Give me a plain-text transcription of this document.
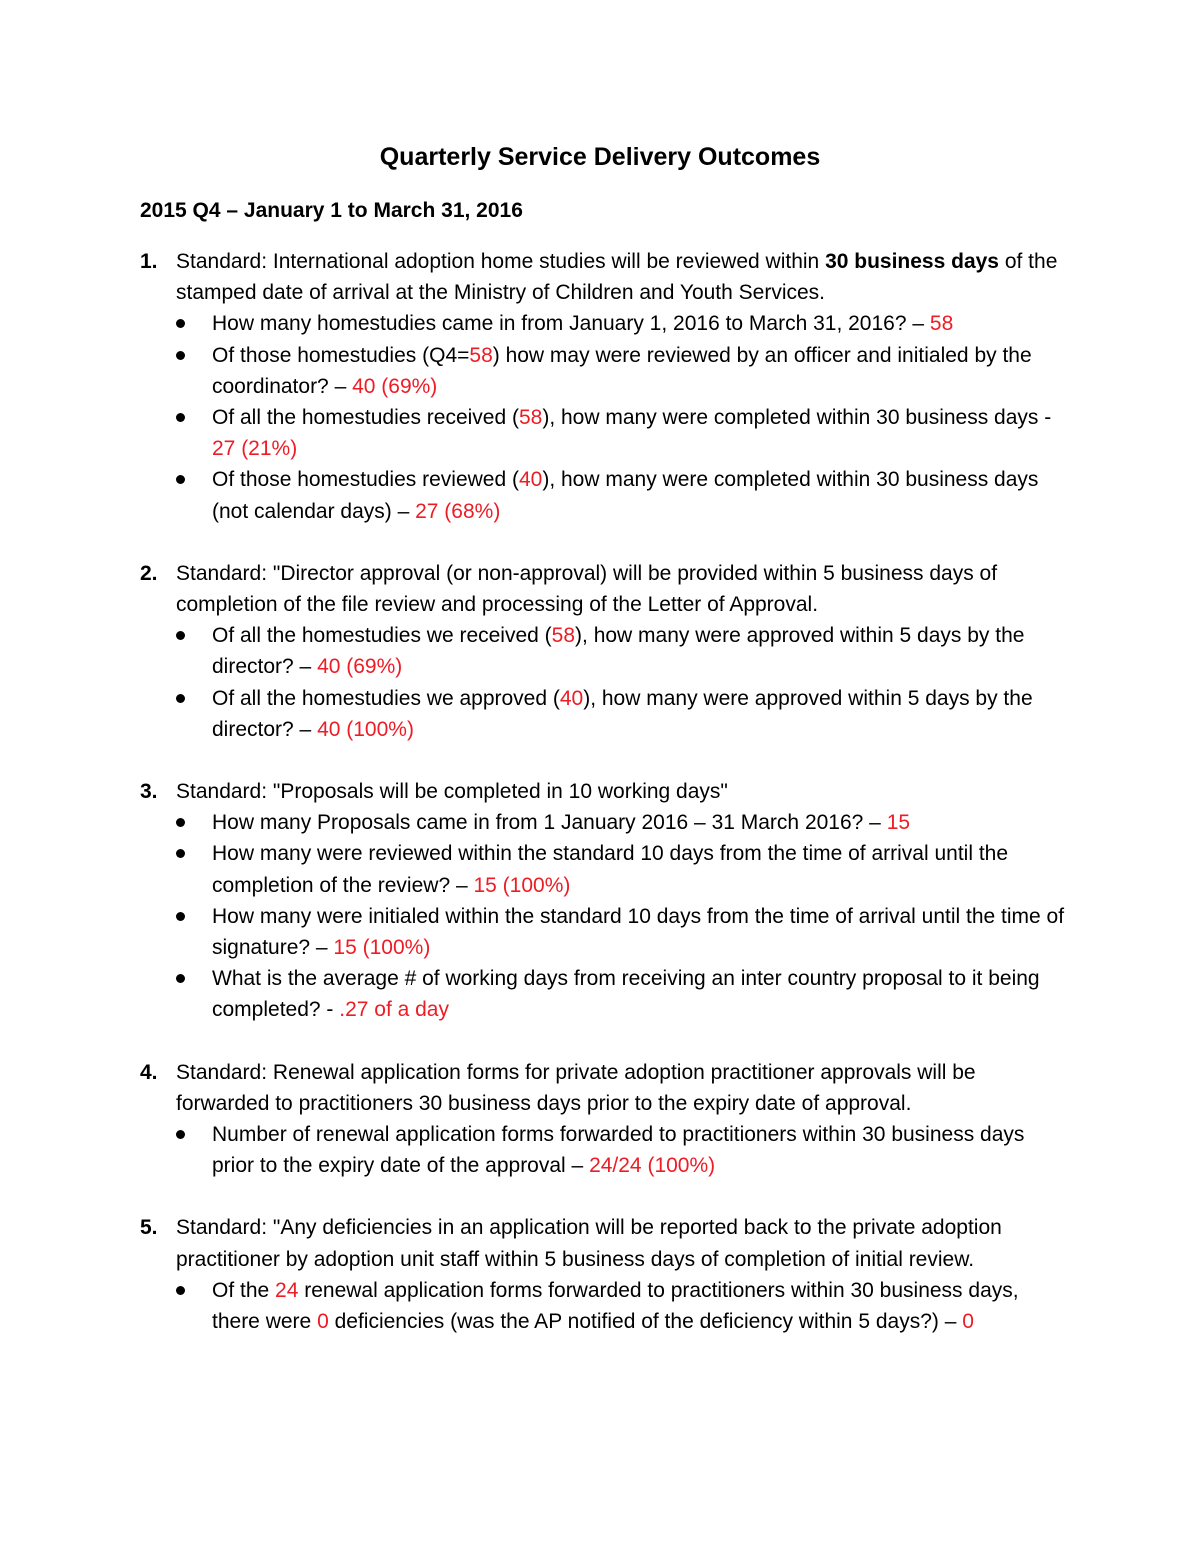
Quarterly Service Delivery Outcomes
2015 Q4 – January 1 to March 31, 2016
1. Standard: International adoption home studies will be reviewed within 30 business days of the stamped date of arrival at the Ministry of Children and Youth Services.

How many homestudies came in from January 1, 2016 to March 31, 2016? – 58
Of those homestudies (Q4=58) how may were reviewed by an officer and initialed by the coordinator? – 40 (69%)
Of all the homestudies received (58), how many were completed within 30 business days - 27 (21%)
Of those homestudies reviewed (40), how many were completed within 30 business days (not calendar days) – 27 (68%)
2. Standard: "Director approval (or non-approval) will be provided within 5 business days of completion of the file review and processing of the Letter of Approval.

Of all the homestudies we received (58), how many were approved within 5 days by the director? – 40 (69%)
Of all the homestudies we approved (40), how many were approved within 5 days by the director? – 40 (100%)
3. Standard: "Proposals will be completed in 10 working days"

How many Proposals came in from 1 January 2016 – 31 March 2016? – 15
How many were reviewed within the standard 10 days from the time of arrival until the completion of the review? – 15 (100%)
How many were initialed within the standard 10 days from the time of arrival until the time of signature? – 15 (100%)
What is the average # of working days from receiving an inter country proposal to it being completed? - .27 of a day
4. Standard: Renewal application forms for private adoption practitioner approvals will be forwarded to practitioners 30 business days prior to the expiry date of approval.

Number of renewal application forms forwarded to practitioners within 30 business days prior to the expiry date of the approval – 24/24 (100%)
5. Standard: "Any deficiencies in an application will be reported back to the private adoption practitioner by adoption unit staff within 5 business days of completion of initial review.

Of the 24 renewal application forms forwarded to practitioners within 30 business days, there were 0 deficiencies (was the AP notified of the deficiency within 5 days?) – 0
